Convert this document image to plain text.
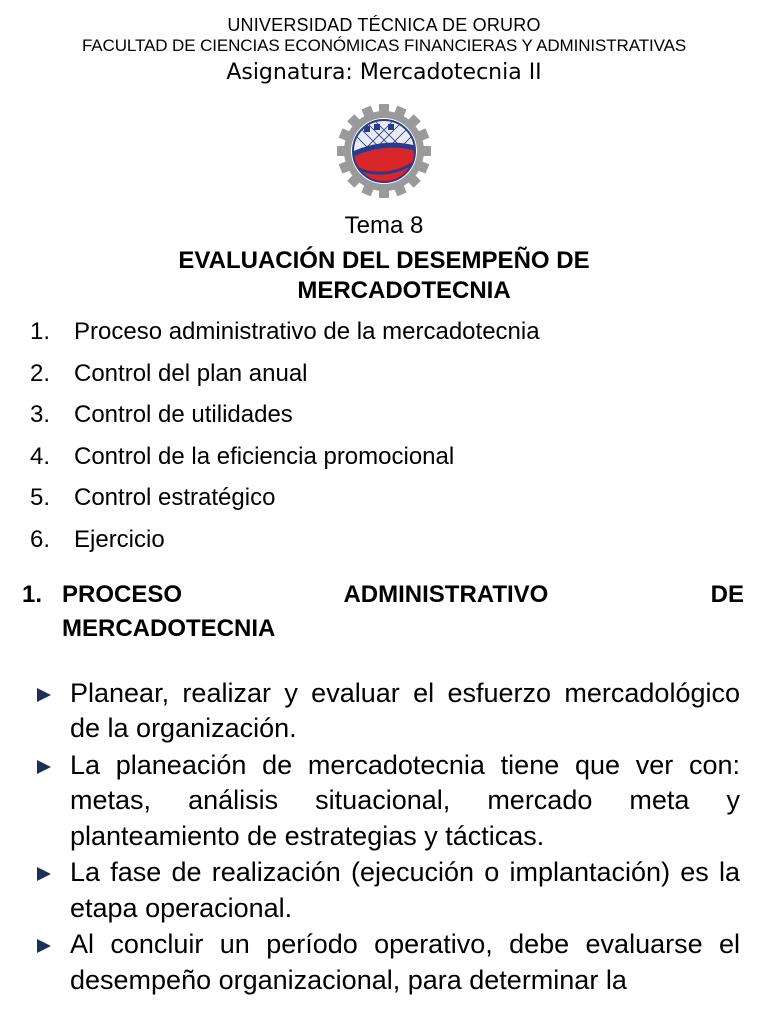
UNIVERSIDAD TÉCNICA DE ORURO
FACULTAD DE CIENCIAS ECONÓMICAS FINANCIERAS Y ADMINISTRATIVAS
Asignatura: Mercadotecnia II
Tema 8
EVALUACIÓN DEL DESEMPEÑO DE
MERCADOTECNIA
1. Proceso administrativo de la mercadotecnia
2. Control del plan anual
3. Control de utilidades
4. Control de la eficiencia promocional
5. Control estratégico
6. Ejercicio
1. PROCESO ADMINISTRATIVO DE
MERCADOTECNIA
Planear, realizar y evaluar el esfuerzo mercadológico de la organización.
La planeación de mercadotecnia tiene que ver con: metas, análisis situacional, mercado meta y planteamiento de estrategias y tácticas.
La fase de realización (ejecución o implantación) es la etapa operacional.
Al concluir un período operativo, debe evaluarse el desempeño organizacional, para determinar la
